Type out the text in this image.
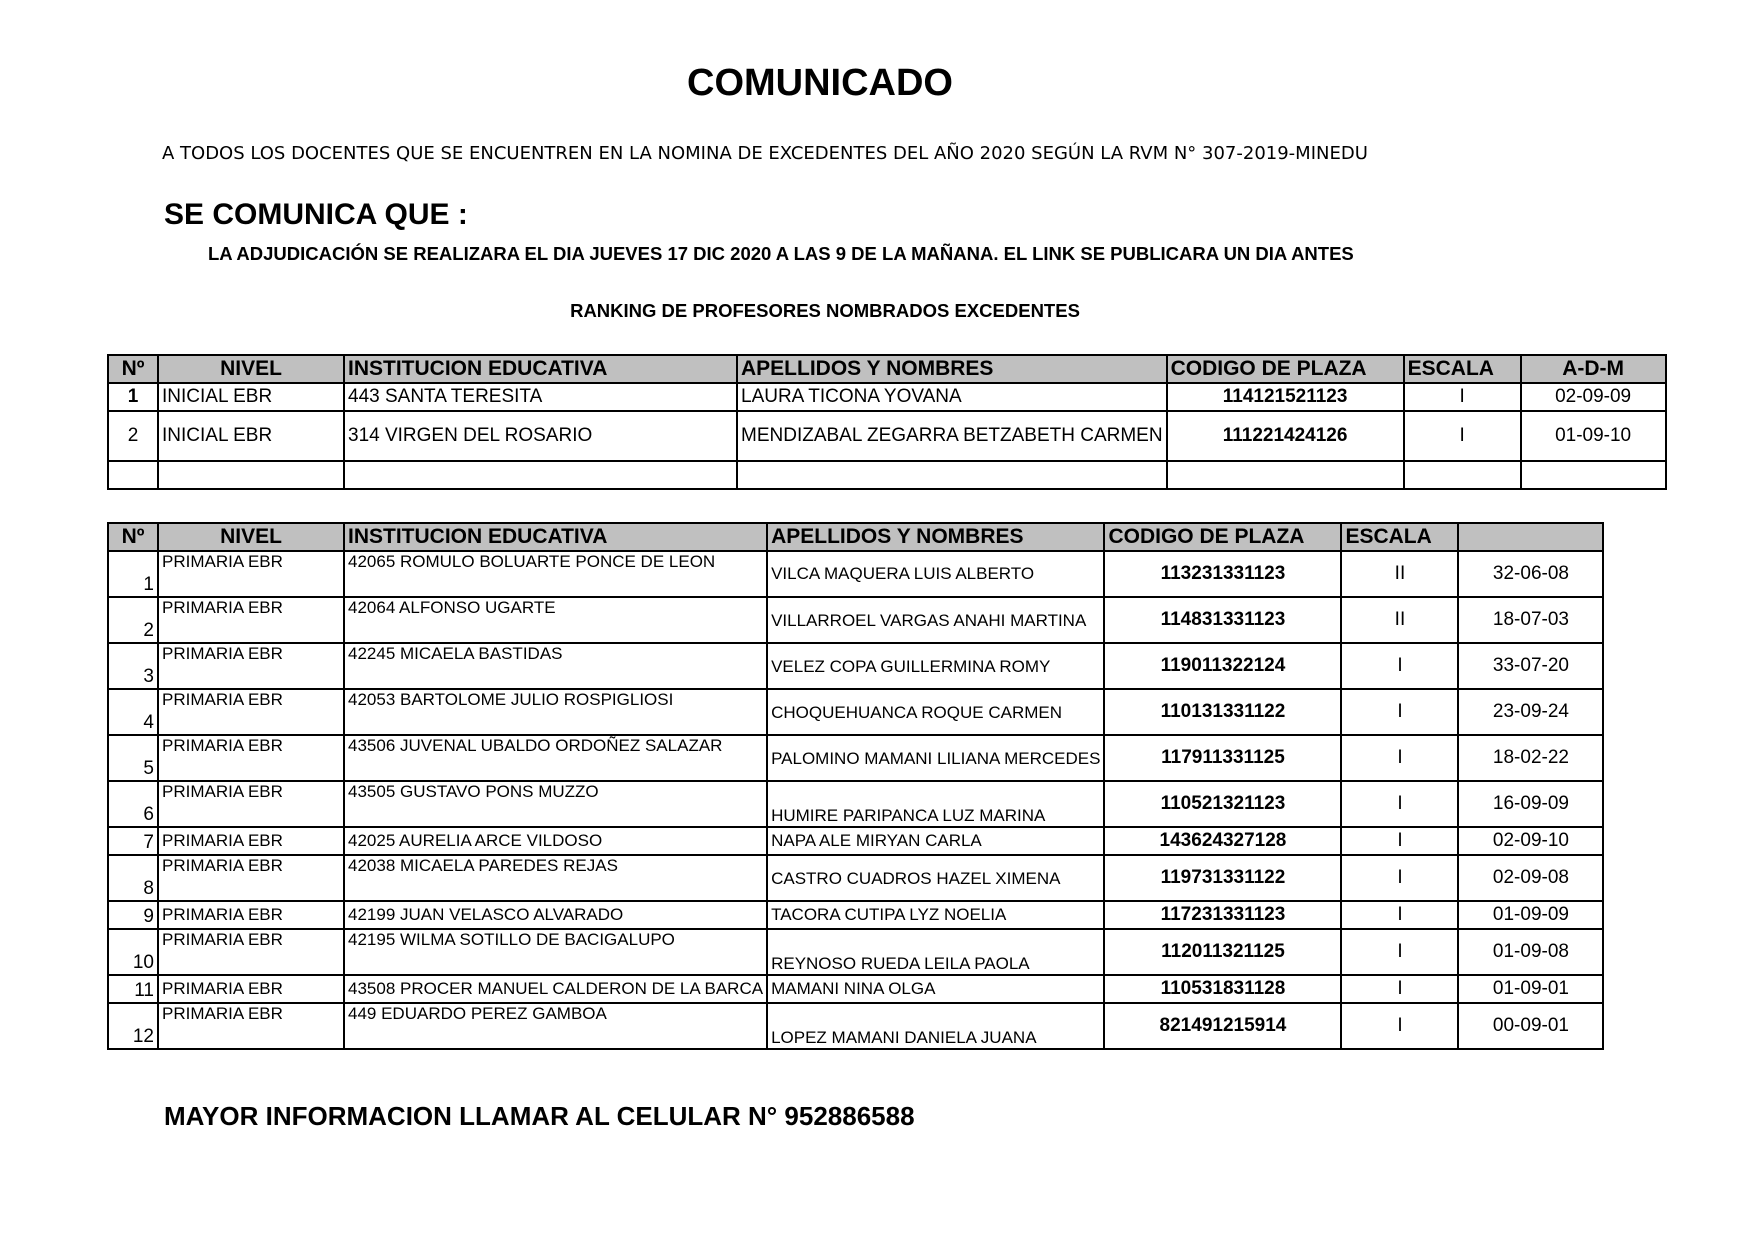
COMUNICADO
A TODOS LOS DOCENTES QUE SE ENCUENTREN EN LA NOMINA DE EXCEDENTES DEL AÑO 2020 SEGÚN LA RVM N° 307-2019-MINEDU
SE COMUNICA QUE :
LA ADJUDICACIÓN SE REALIZARA EL DIA JUEVES 17 DIC 2020 A LAS 9 DE LA MAÑANA. EL LINK SE PUBLICARA UN DIA ANTES
RANKING DE PROFESORES NOMBRADOS EXCEDENTES
Nº	NIVEL	INSTITUCION EDUCATIVA	APELLIDOS Y NOMBRES	CODIGO DE PLAZA	ESCALA	A-D-M
1	INICIAL EBR	443 SANTA TERESITA	LAURA TICONA YOVANA	114121521123	I	02-09-09
2	INICIAL EBR	314 VIRGEN DEL ROSARIO	MENDIZABAL ZEGARRA BETZABETH CARMEN	111221424126	I	01-09-10

Nº	NIVEL	INSTITUCION EDUCATIVA	APELLIDOS Y NOMBRES	CODIGO DE PLAZA	ESCALA	
1	PRIMARIA EBR	42065 ROMULO BOLUARTE PONCE DE LEON	VILCA MAQUERA LUIS ALBERTO	113231331123	II	32-06-08
2	PRIMARIA EBR	42064 ALFONSO UGARTE	VILLARROEL VARGAS ANAHI MARTINA	114831331123	II	18-07-03
3	PRIMARIA EBR	42245 MICAELA BASTIDAS	VELEZ COPA GUILLERMINA ROMY	119011322124	I	33-07-20
4	PRIMARIA EBR	42053 BARTOLOME JULIO ROSPIGLIOSI	CHOQUEHUANCA ROQUE CARMEN	110131331122	I	23-09-24
5	PRIMARIA EBR	43506 JUVENAL UBALDO ORDOÑEZ SALAZAR	PALOMINO MAMANI LILIANA MERCEDES	117911331125	I	18-02-22
6	PRIMARIA EBR	43505 GUSTAVO PONS MUZZO	HUMIRE PARIPANCA LUZ MARINA	110521321123	I	16-09-09
7	PRIMARIA EBR	42025 AURELIA ARCE VILDOSO	NAPA ALE MIRYAN CARLA	143624327128	I	02-09-10
8	PRIMARIA EBR	42038 MICAELA PAREDES REJAS	CASTRO CUADROS HAZEL XIMENA	119731331122	I	02-09-08
9	PRIMARIA EBR	42199 JUAN VELASCO ALVARADO	TACORA CUTIPA LYZ NOELIA	117231331123	I	01-09-09
10	PRIMARIA EBR	42195 WILMA SOTILLO DE BACIGALUPO	REYNOSO RUEDA LEILA PAOLA	112011321125	I	01-09-08
11	PRIMARIA EBR	43508 PROCER MANUEL CALDERON DE LA BARCA	MAMANI NINA OLGA	110531831128	I	01-09-01
12	PRIMARIA EBR	449 EDUARDO PEREZ GAMBOA	LOPEZ MAMANI DANIELA JUANA	821491215914	I	00-09-01
MAYOR INFORMACION LLAMAR AL CELULAR N° 952886588
